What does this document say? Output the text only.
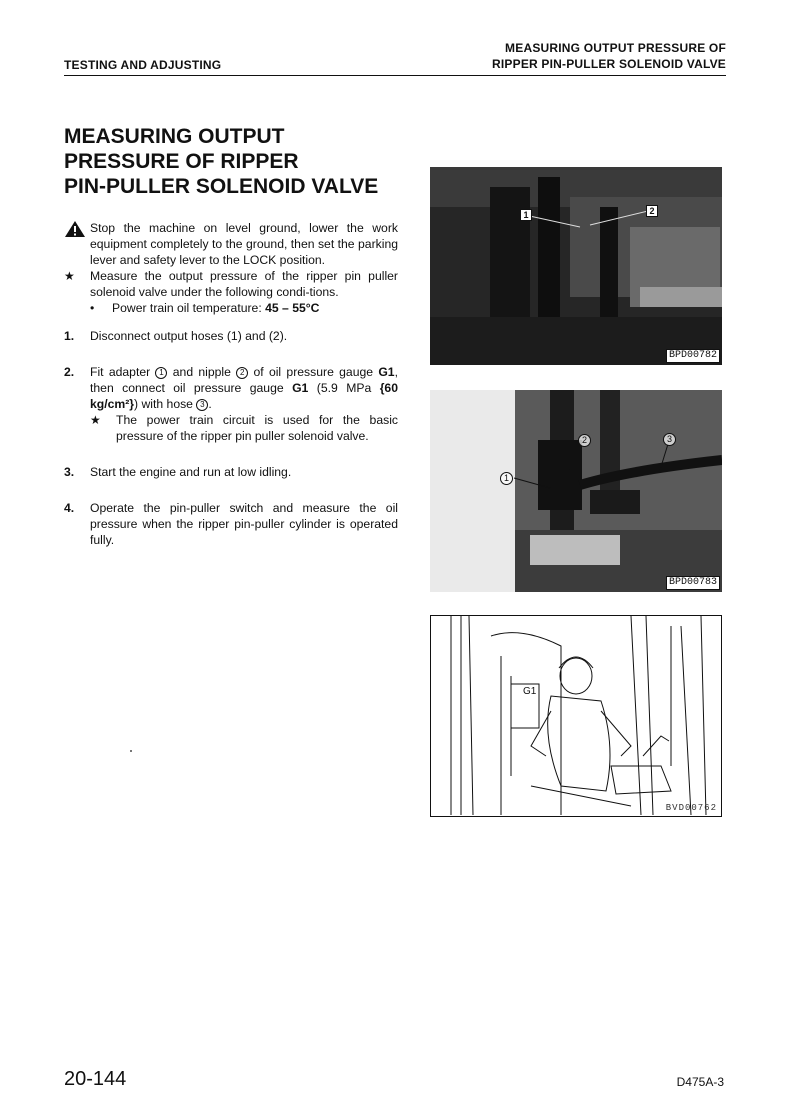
TESTING AND ADJUSTING
MEASURING OUTPUT PRESSURE OF
RIPPER PIN-PULLER SOLENOID VALVE
MEASURING OUTPUT
PRESSURE OF RIPPER
PIN-PULLER SOLENOID VALVE
Stop the machine on level ground, lower the work equipment completely to the ground, then set the parking lever and safety lever to the LOCK position.
★	Measure the output pressure of the ripper pin puller solenoid valve under the following condi-tions.
• Power train oil temperature: 45 – 55°C
1. Disconnect output hoses (1) and (2).
2. Fit adapter 1 and nipple 2 of oil pressure gauge G1, then connect oil pressure gauge G1 (5.9 MPa {60 kg/cm²}) with hose 3 .
★ The power train circuit is used for the basic pressure of the ripper pin puller solenoid valve.
3. Start the engine and run at low idling.
4. Operate the pin-puller switch and measure the oil pressure when the ripper pin-puller cylinder is operated fully.
1	2
BPD00782
1
2	3
BPD00783
G1
BVD00762
20-144	D475A-3
